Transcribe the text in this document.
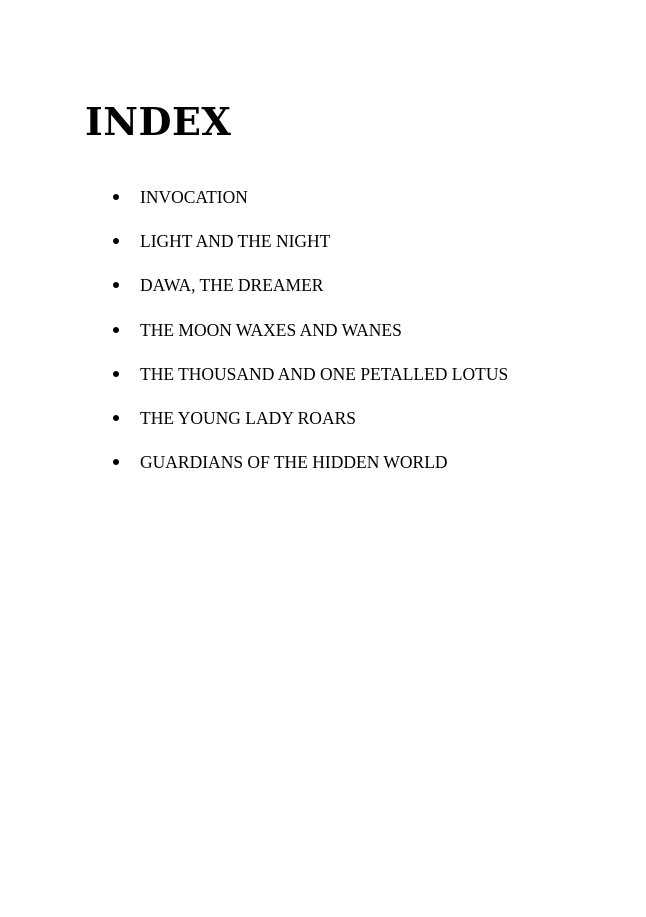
INDEX
INVOCATION
LIGHT AND THE NIGHT
DAWA, THE DREAMER
THE MOON WAXES AND WANES
THE THOUSAND AND ONE PETALLED LOTUS
THE YOUNG LADY ROARS
GUARDIANS OF THE HIDDEN WORLD
